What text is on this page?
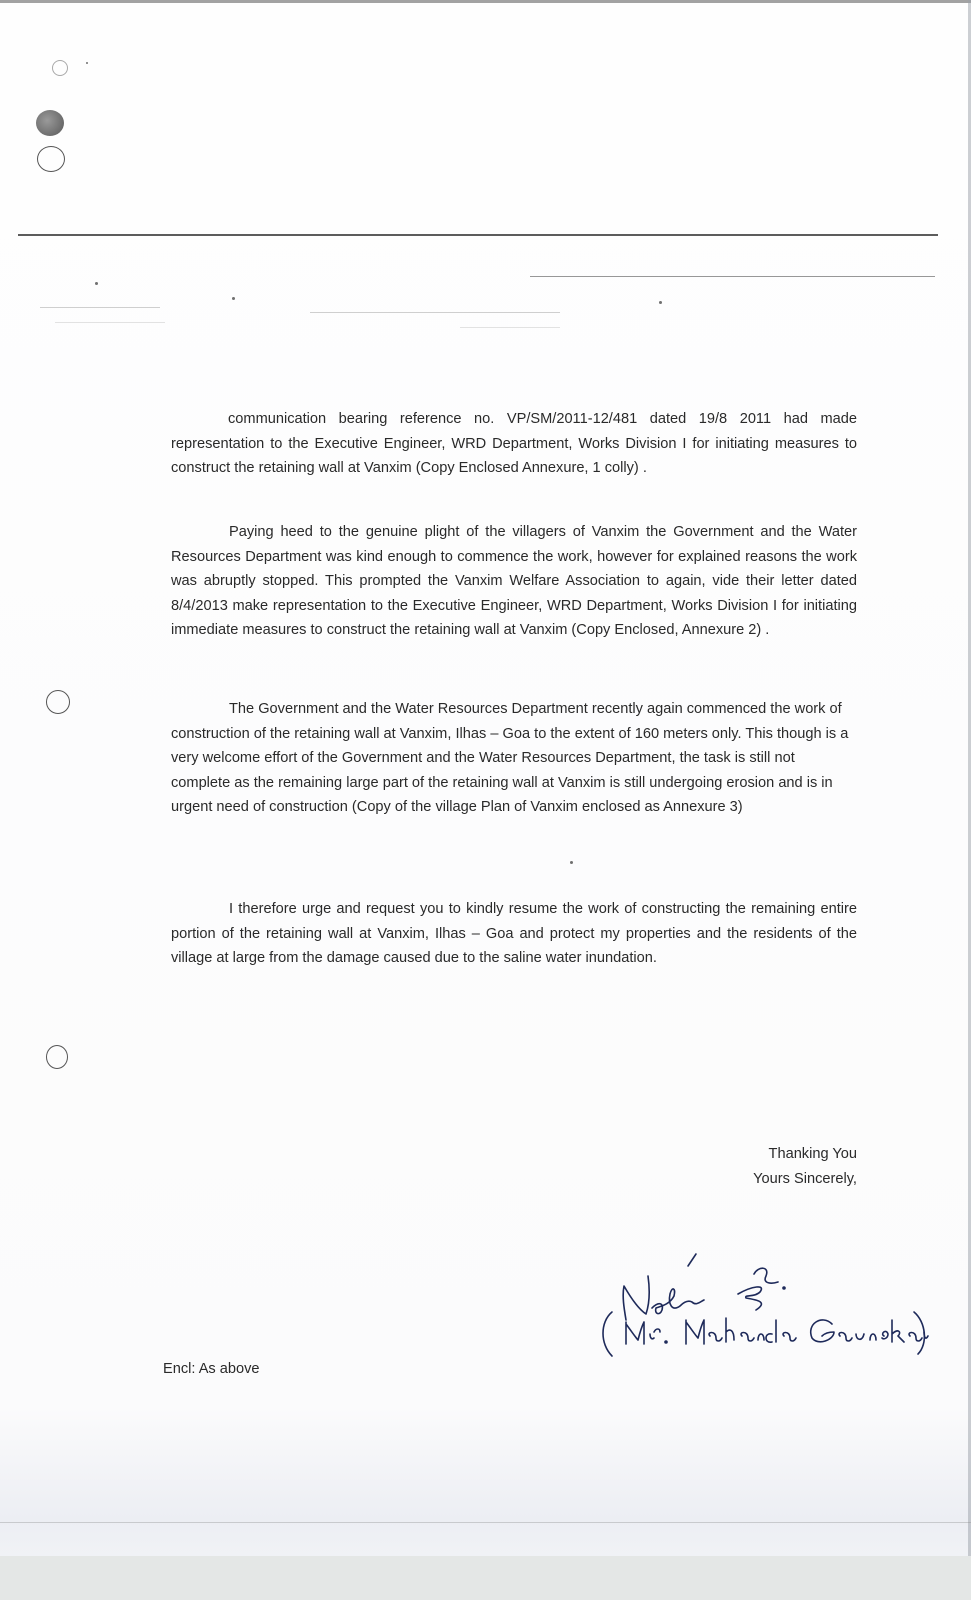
communication bearing reference no. VP/SM/2011-12/481 dated 19/8 2011 had made representation to the Executive Engineer, WRD Department, Works Division I for initiating measures to construct the retaining wall at Vanxim (Copy Enclosed Annexure, 1 colly) .

Paying heed to the genuine plight of the villagers of Vanxim the Government and the Water Resources Department was kind enough to commence the work, however for explained reasons the work was abruptly stopped. This prompted the Vanxim Welfare Association to again, vide their letter dated 8/4/2013 make representation to the Executive Engineer, WRD Department, Works Division I for initiating immediate measures to construct the retaining wall at Vanxim (Copy Enclosed, Annexure 2) .

The Government and the Water Resources Department recently again commenced the work of construction of the retaining wall at Vanxim, Ilhas – Goa to the extent of 160 meters only. This though is a very welcome effort of the Government and the Water Resources Department, the task is still not complete as the remaining large part of the retaining wall at Vanxim is still undergoing erosion and is in urgent need of construction (Copy of the village Plan of Vanxim enclosed as Annexure 3)

I therefore urge and request you to kindly resume the work of constructing the remaining entire portion of the retaining wall at Vanxim, Ilhas – Goa and protect my properties and the residents of the village at large from the damage caused due to the saline water inundation.

Thanking You
Yours Sincerely,
Encl: As above
